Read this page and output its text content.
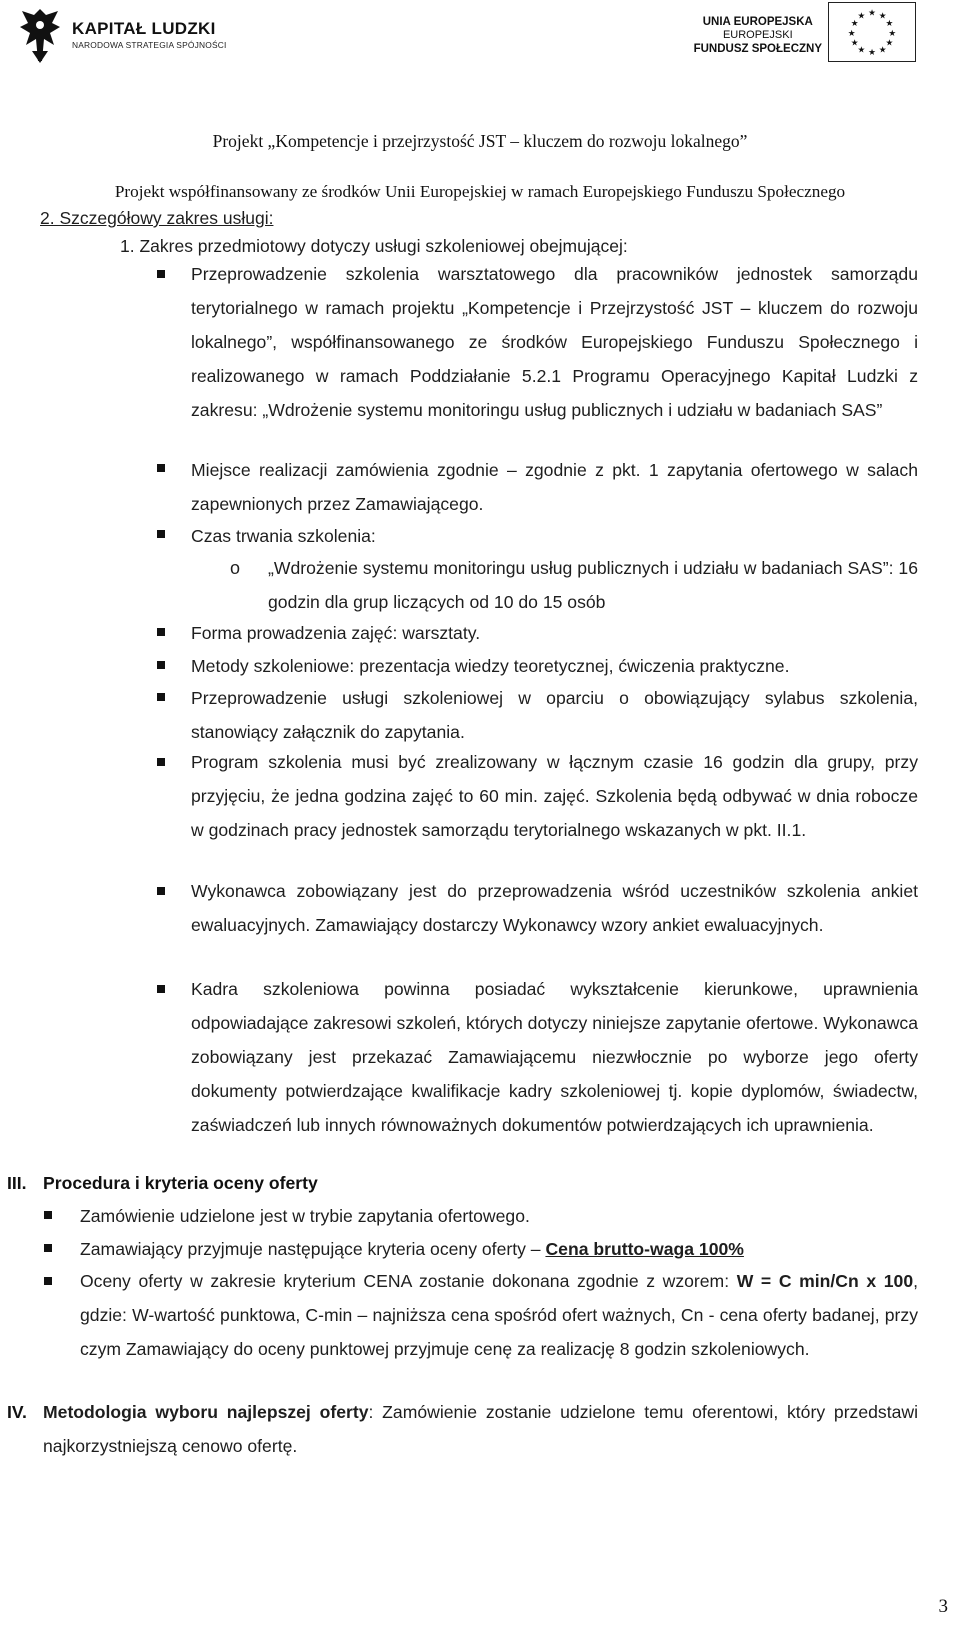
KAPITAŁ LUDZKI
NARODOWA STRATEGIA SPÓJNOŚCI
UNIA EUROPEJSKA
EUROPEJSKI
FUNDUSZ SPOŁECZNY
★ ★
★
★
★
★
★
★
★
★
★
★
Projekt „Kompetencje i przejrzystość JST – kluczem do rozwoju lokalnego”
Projekt współfinansowany ze środków Unii Europejskiej w ramach Europejskiego Funduszu Społecznego
2. Szczegółowy zakres usługi:
1. Zakres przedmiotowy dotyczy usługi szkoleniowej obejmującej:
Przeprowadzenie szkolenia warsztatowego dla pracowników jednostek samorządu terytorialnego w ramach projektu „Kompetencje i Przejrzystość JST – kluczem do rozwoju lokalnego”, współfinansowanego ze środków Europejskiego Funduszu Społecznego i realizowanego w ramach Poddziałanie 5.2.1 Programu Operacyjnego Kapitał Ludzki z zakresu: „Wdrożenie systemu monitoringu usług publicznych i udziału w badaniach SAS”
Miejsce realizacji zamówienia zgodnie – zgodnie z pkt. 1 zapytania ofertowego w salach zapewnionych przez Zamawiającego.
Czas trwania szkolenia:
o „Wdrożenie systemu monitoringu usług publicznych i udziału w badaniach SAS”: 16 godzin dla grup liczących od 10 do 15 osób
Forma prowadzenia zajęć: warsztaty.
Metody szkoleniowe: prezentacja wiedzy teoretycznej, ćwiczenia praktyczne.
Przeprowadzenie usługi szkoleniowej w oparciu o obowiązujący sylabus szkolenia, stanowiący załącznik do zapytania.
Program szkolenia musi być zrealizowany w łącznym czasie 16 godzin dla grupy, przy przyjęciu, że jedna godzina zajęć to 60 min. zajęć. Szkolenia będą odbywać w dnia robocze w godzinach pracy jednostek samorządu terytorialnego wskazanych w pkt. II.1.
Wykonawca zobowiązany jest do przeprowadzenia wśród uczestników szkolenia ankiet ewaluacyjnych. Zamawiający dostarczy Wykonawcy wzory ankiet ewaluacyjnych.
Kadra szkoleniowa powinna posiadać wykształcenie kierunkowe, uprawnienia odpowiadające zakresowi szkoleń, których dotyczy niniejsze zapytanie ofertowe. Wykonawca zobowiązany jest przekazać Zamawiającemu niezwłocznie po wyborze jego oferty dokumenty potwierdzające kwalifikacje kadry szkoleniowej tj. kopie dyplomów, świadectw, zaświadczeń lub innych równoważnych dokumentów potwierdzających ich uprawnienia.
III. Procedura i kryteria oceny oferty
Zamówienie udzielone jest w trybie zapytania ofertowego.
Zamawiający przyjmuje następujące kryteria oceny oferty – Cena brutto-waga 100%
Oceny oferty w zakresie kryterium CENA zostanie dokonana zgodnie z wzorem: W = C min/Cn x 100, gdzie: W-wartość punktowa, C-min – najniższa cena spośród ofert ważnych, Cn - cena oferty badanej, przy czym Zamawiający do oceny punktowej przyjmuje cenę za realizację 8 godzin szkoleniowych.
IV. Metodologia wyboru najlepszej oferty: Zamówienie zostanie udzielone temu oferentowi, który przedstawi najkorzystniejszą cenowo ofertę.
3
